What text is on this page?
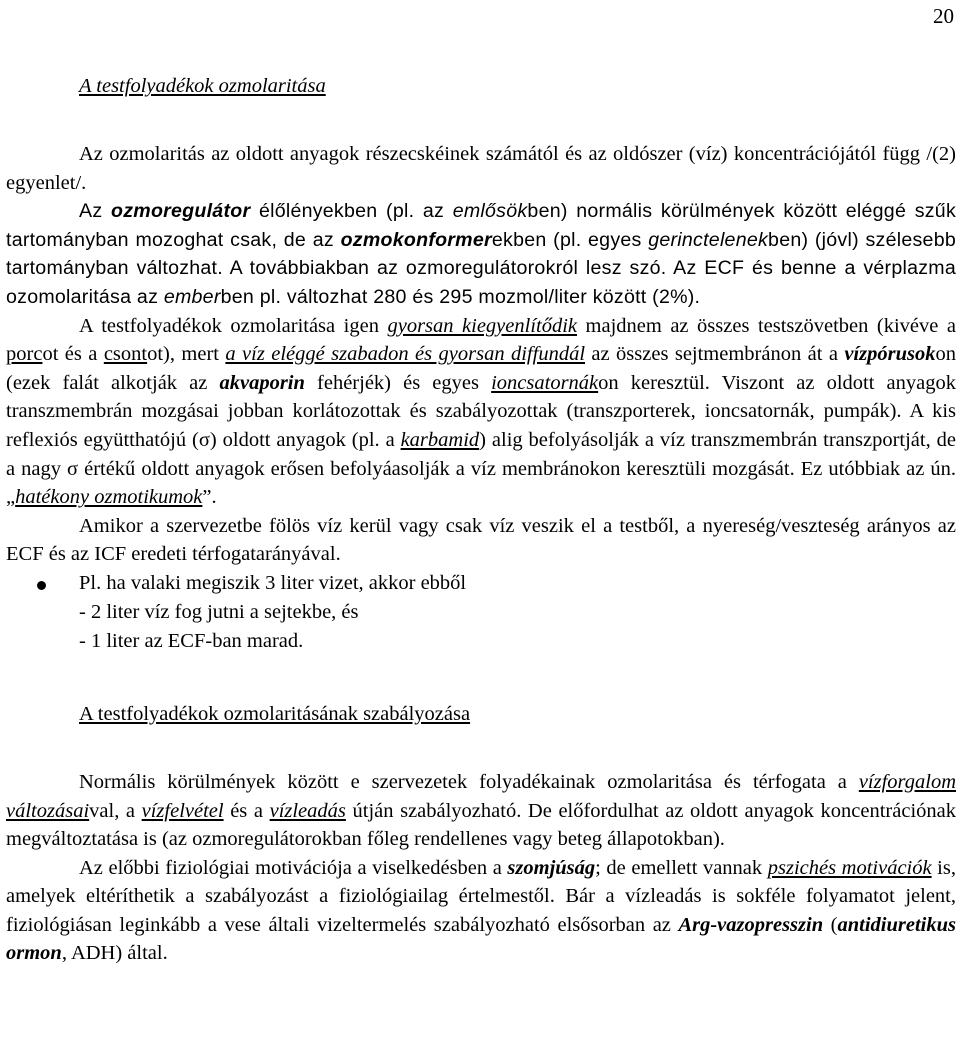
20
A testfolyadékok ozmolaritása

Az ozmolaritás az oldott anyagok részecskéinek számától és az oldószer (víz) koncentrációjától függ /(2) egyenlet/.

Az ozmoregulátor élőlényekben (pl. az emlősökben) normális körülmények között eléggé szűk tartományban mozoghat csak, de az ozmokonformerekben (pl. egyes gerinctelenekben) (jóvl) szélesebb tartományban változhat. A továbbiakban az ozmoregulátorokról lesz szó. Az ECF és benne a vérplazma ozomolaritása az emberben pl. változhat 280 és 295 mozmol/liter között (2%).

A testfolyadékok ozmolaritása igen gyorsan kiegyenlítődik majdnem az összes testszövetben (kivéve a porcot és a csontot), mert a víz eléggé szabadon és gyorsan diffundál az összes sejtmembránon át a vízpórusokon (ezek falát alkotják az akvaporin fehérjék) és egyes ioncsatornákon keresztül. Viszont az oldott anyagok transzmembrán mozgásai jobban korlátozottak és szabályozottak (transzporterek, ioncsatornák, pumpák). A kis reflexiós együtthatójú (σ) oldott anyagok (pl. a karbamid) alig befolyásolják a víz transzmembrán transzportját, de a nagy σ értékű oldott anyagok erősen befolyáasolják a víz membránokon keresztüli mozgását. Ez utóbbiak az ún. „hatékony ozmotikumok”.

Amikor a szervezetbe fölös víz kerül vagy csak víz veszik el a testből, a nyereség/veszteség arányos az ECF és az ICF eredeti térfogatarányával.

Pl. ha valaki megiszik 3 liter vizet, akkor ebből
- 2 liter víz fog jutni a sejtekbe, és
- 1 liter az ECF-ban marad.
A testfolyadékok ozmolaritásának szabályozása

Normális körülmények között e szervezetek folyadékainak ozmolaritása és térfogata a vízforgalom változásaival, a vízfelvétel és a vízleadás útján szabályozható. De előfordulhat az oldott anyagok koncentrációnak megváltoztatása is (az ozmoregulátorokban főleg rendellenes vagy beteg állapotokban).

Az előbbi fiziológiai motivációja a viselkedésben a szomjúság; de emellett vannak pszichés motivációk is, amelyek eltéríthetik a szabályozást a fiziológiailag értelmestől. Bár a vízleadás is sokféle folyamatot jelent, fiziológiásan leginkább a vese általi vizeltermelés szabályozható elsősorban az Arg-vazopresszin (antidiuretikus ormon, ADH) által.
